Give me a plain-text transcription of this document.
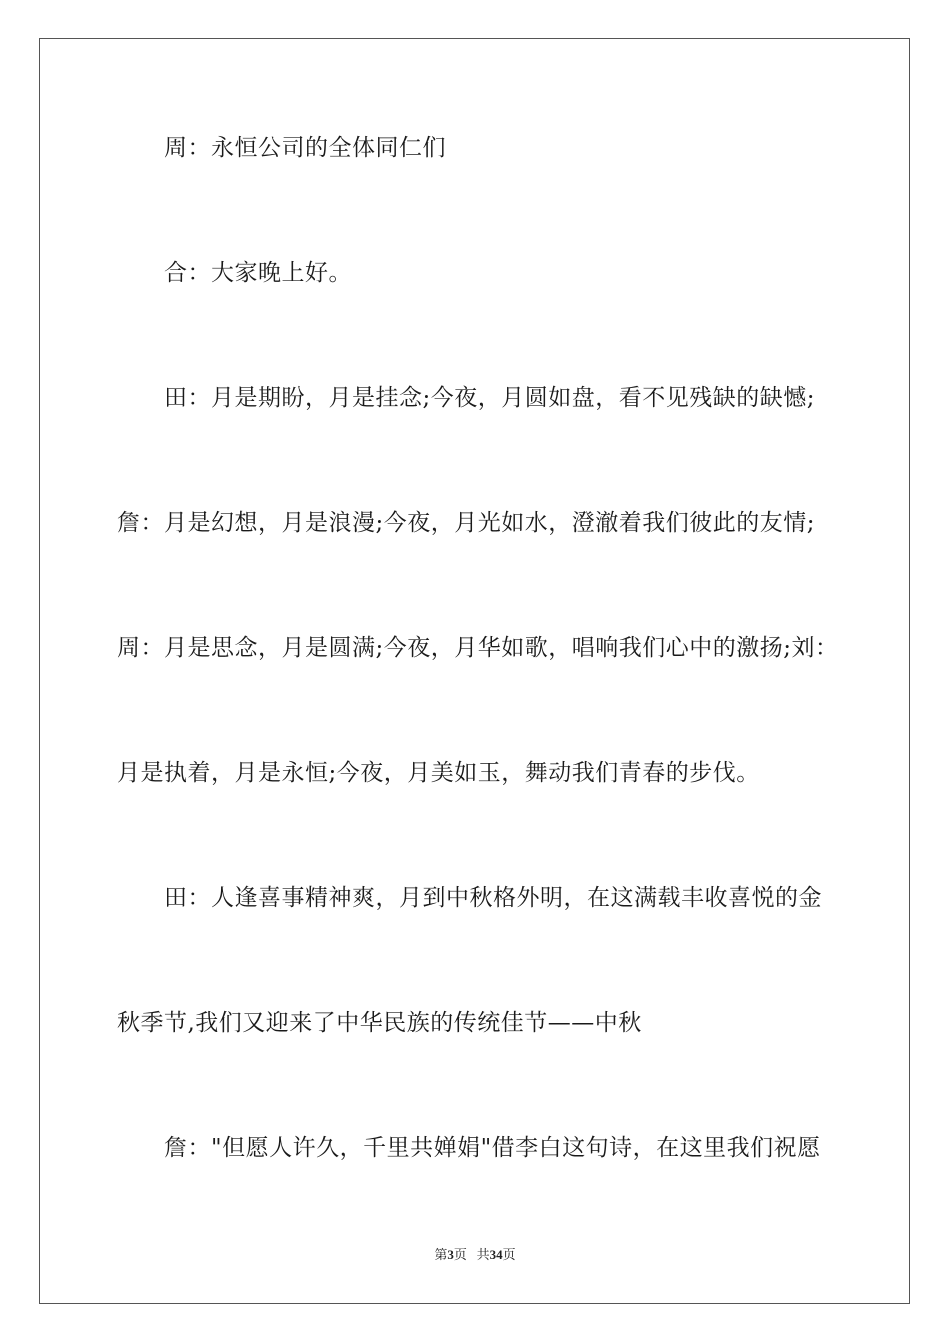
周：永恒公司的全体同仁们
合：大家晚上好。
田：月是期盼，月是挂念;今夜，月圆如盘，看不见残缺的缺憾;
詹：月是幻想，月是浪漫;今夜，月光如水，澄澈着我们彼此的友情;
周：月是思念，月是圆满;今夜，月华如歌，唱响我们心中的激扬;刘：
月是执着，月是永恒;今夜，月美如玉，舞动我们青春的步伐。
田：人逢喜事精神爽，月到中秋格外明，在这满载丰收喜悦的金
秋季节,我们又迎来了中华民族的传统佳节——中秋
詹："但愿人许久，千里共婵娟"借李白这句诗，在这里我们祝愿
第3页 共34页
